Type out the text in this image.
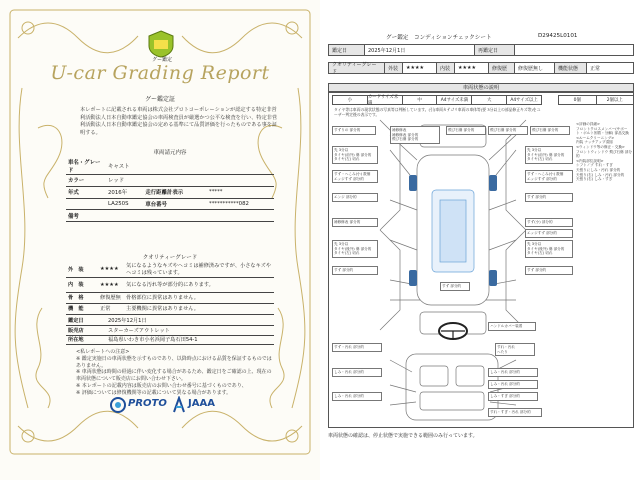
グー鑑定
U-car Grading Report
グー鑑定証
本レポートに記載される車両は株式会社プロトコーポレーションが認定する特定非営利活動法人日本自動車鑑定協会の車両検査員が厳選かつ公平な検査を行い、特定非営利活動法人日本自動車鑑定協会の定める基準にて品質評価を行ったものである事を証明する。
車両請元内容
車名・グレード	キャスト		
カラー	レッド		
年式	2016年	走行距離計表示	*****
	LA250S	車台番号	***********082
備考			
クオリティーグレード
外　装	★★★★	気になるようなキズやヘコミは補修済みですが、小さなキズやヘコミは残っています。
内　装	★★★★	気になる汚れ等が部分的にあります。
骨　格	修復歴無	骨格部位に異常はありません。
機　能	正常	主要機関に異常はありません。
鑑定日	2025年12月1日
販売店	スターカーズアウトレット
所在地	福島県いわき市小名浜岡子島石田54-1
<私レポートへの注意>
※ 鑑定実施日の車両状態を示すものであり、以降時点における品質を保証するものではありません。
※ 車両状態は時間の経過に伴い変化する場合があるため、鑑定日をご確認の上、現在の車両状態について販売店にお問い合わせ下さい。
※ 本レポートの記載内容は販売店のお問い合わせ番号に基づくものであり、
※ 評価については修復機関等の記載について異なる場合があります。
PROTO JAAA
グー鑑定　コンディションチェックシート	D29425L0101
鑑定日	2025年12月1日	再鑑定日
クオリティーグレード
外装	★★★★	内装	★★★★	修復歴	修復歴無し	機能状態	正常
車両状態の説明
小
カードサイズ未満
中	A4サイズ未満	大	A4サイズ以上	0個	2個以上
タイヤ等は車両の現状状態の写真等は判断しています。(引)車両カテゴリ車両の車体等(要 3分以上の部品修正キズ等)をユーザー判定後の表示です。
すずりの 部分的	補修修表
補修修表 部分的
飛び石傷 部分的
飛び石傷 部分的	飛び石傷 部分的	飛び石傷 部分的
先 3分以
タイヤ(前外) 傷 部分的
タイヤ(左) 切れ
すず・へこみ(小) 数個
エッジすず 部分的
エンジ 部分的
補修修表 部分的
先 3分以
タイヤ(前外) 傷 部分的
タイヤ(左) 切れ
すず・へこみ(小) 数個
エッジすず 部分的
すず 部分的
先 3分以
タイヤ(後外) 傷 部分的
タイヤ(左) 切れ
すず(小) 部分的
エッジすず 部分的
先 3分以
タイヤ(後外) 傷 部分的
タイヤ(左) 切れ
すず 部分的	すず 部分的
すず 部分的
ハンドルカバー装着
すれ・汚れ
へたり
すず・汚れ 部分的
しみ・汚れ 部分的
しみ・汚れ 部分的
しみ・汚れ 部分的
しみ・汚れ 部分的
しみ・すぎ 部分的
すれ・すぎ・汚れ 部分的
<評価の詳細>
フロントクロスメンバー(サポート・ボルト固着・分解) 部品交換
<ルームクリーニング>
内装 ナッチアップ清掃
<ウィンドウ等の修正・交換>
フロントウィンドウ 飛び石傷 部分的
<内装部位説明>
シフトノブ すれ・すぎ
天張りにしみ・汚れ 部分的
天張り(右) しみ・汚れ 部分的
天張り(右) しみ・すぎ
車両状態の確認は、停止状態で実施できる範囲のみ行っています。
